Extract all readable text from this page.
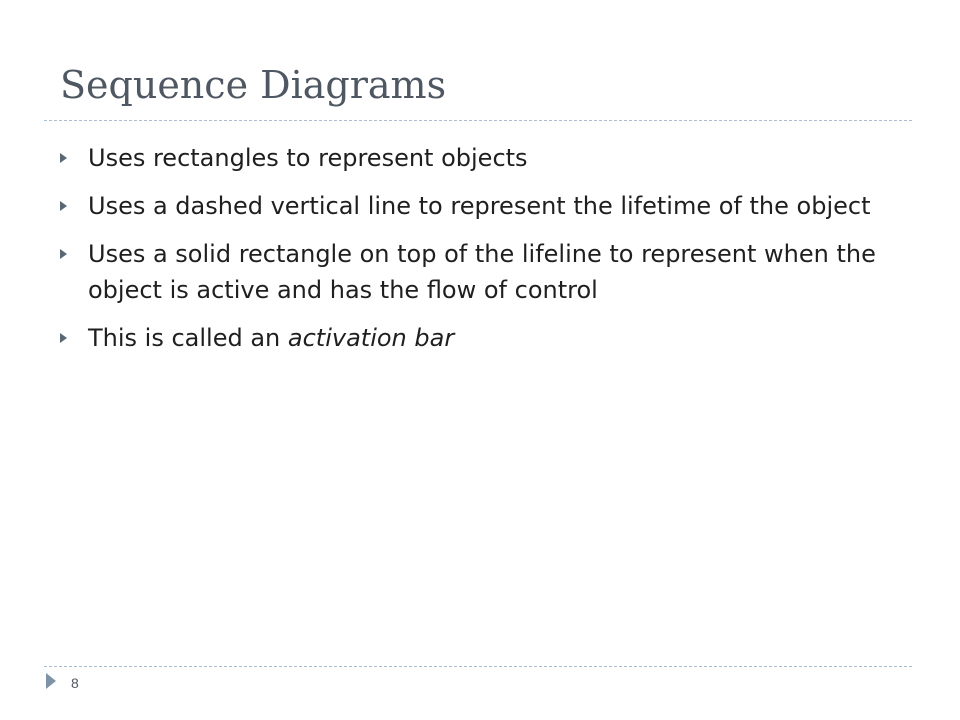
Sequence Diagrams
Uses rectangles to represent objects
Uses a dashed vertical line to represent the lifetime of the object
Uses a solid rectangle on top of the lifeline to represent when the object is active and has the flow of control
This is called an activation bar
8
